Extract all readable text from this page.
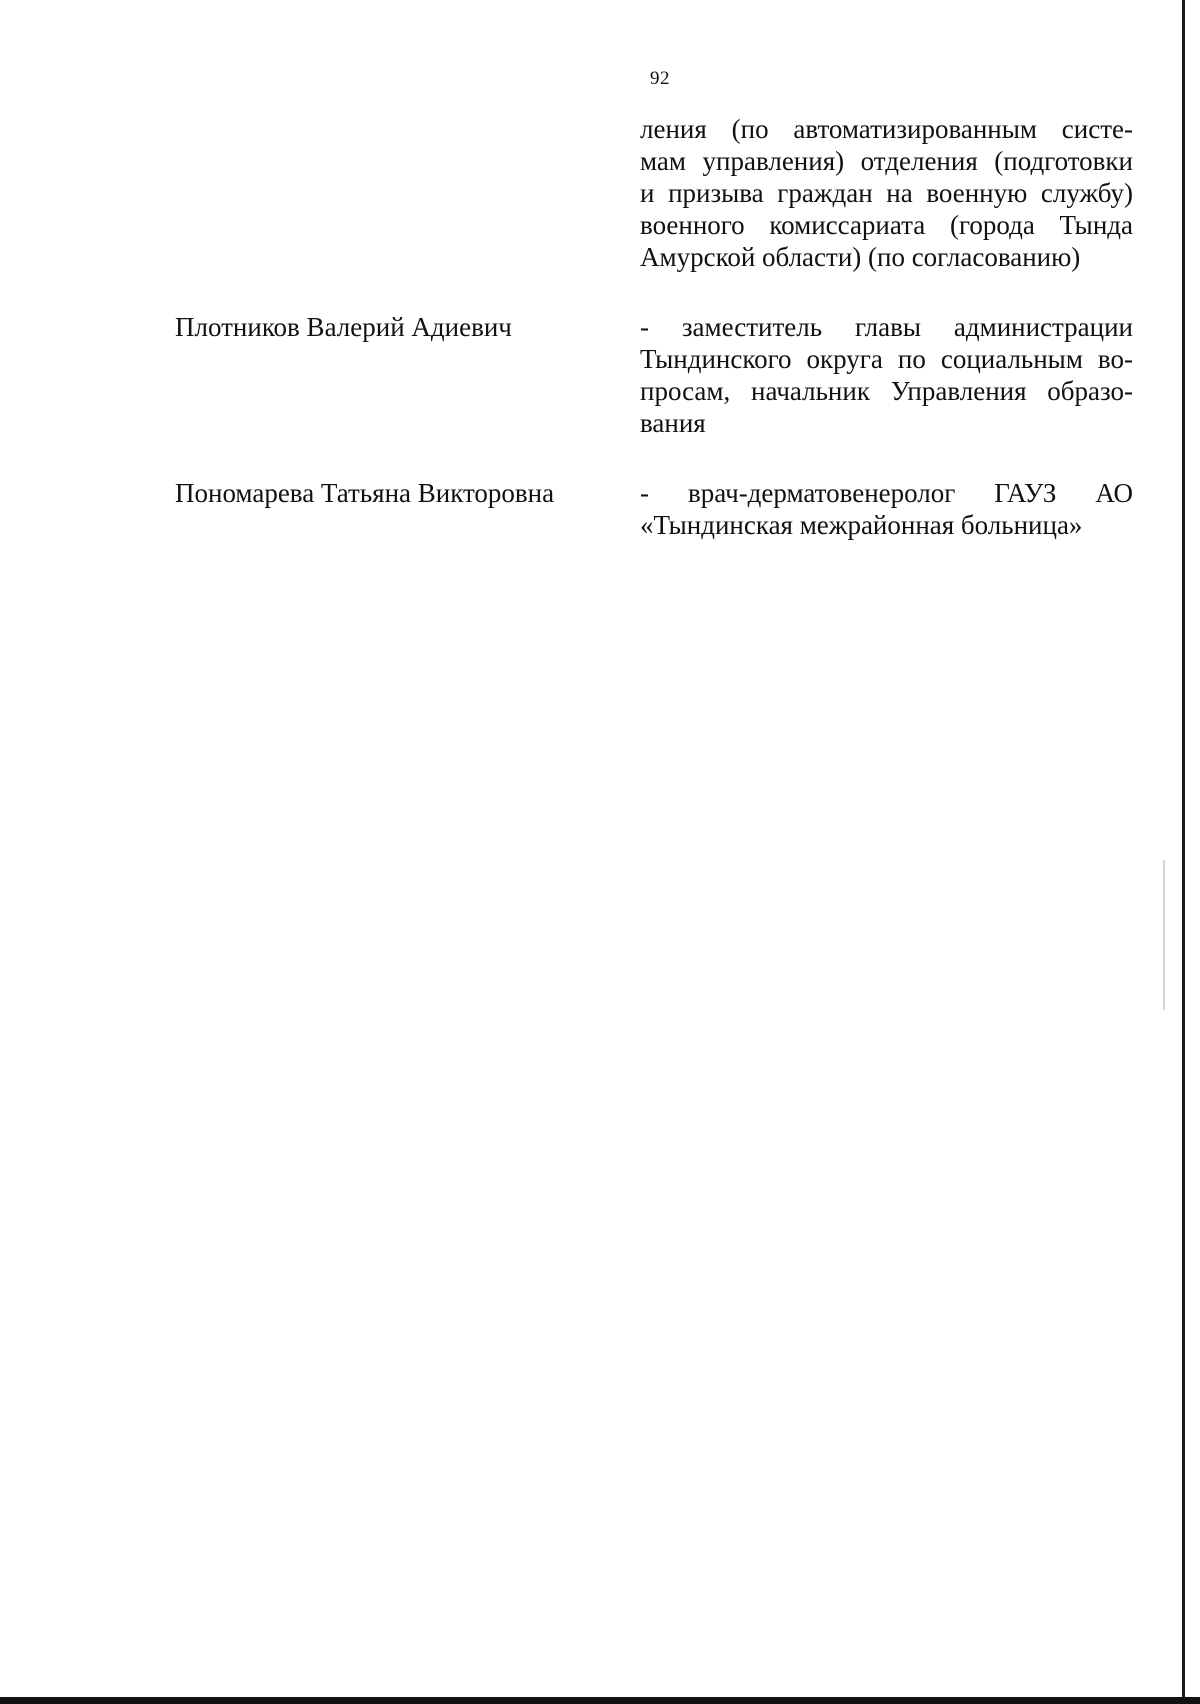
92
ления (по автоматизированным систе-
мам управления) отделения (подготовки
и призыва граждан на военную службу)
военного комиссариата (города Тында
Амурской области) (по согласованию)
Плотников Валерий Адиевич	- заместитель главы администрации
Тындинского округа по социальным во-
просам, начальник Управления образо-
вания
Пономарева Татьяна Викторовна	- врач-дерматовенеролог ГАУЗ АО
«Тындинская межрайонная больница»
